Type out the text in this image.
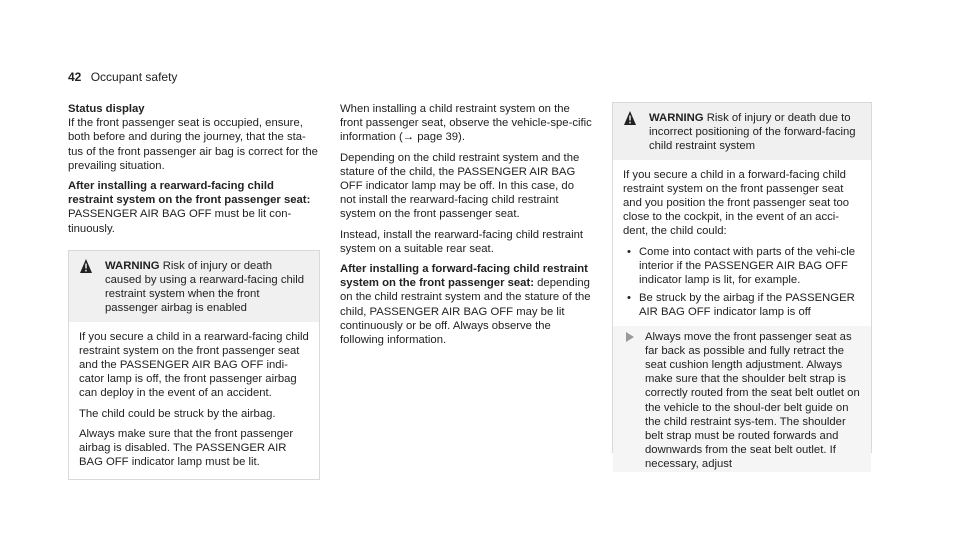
42 Occupant safety

Status display

If the front passenger seat is occupied, ensure, both before and during the journey, that the sta-tus of the front passenger air bag is correct for the prevailing situation.

After installing a rearward-facing child restraint system on the front passenger seat: PASSENGER AIR BAG OFF must be lit con-tinuously.

WARNING Risk of injury or death caused by using a rearward-facing child restraint system when the front passenger airbag is enabled

If you secure a child in a rearward-facing child restraint system on the front passenger seat and the PASSENGER AIR BAG OFF indi-cator lamp is off, the front passenger airbag can deploy in the event of an accident.

The child could be struck by the airbag.

Always make sure that the front passenger airbag is disabled. The PASSENGER AIR BAG OFF indicator lamp must be lit.

When installing a child restraint system on the front passenger seat, observe the vehicle-spe-cific information (→ page 39).

Depending on the child restraint system and the stature of the child, the PASSENGER AIR BAG OFF indicator lamp may be off. In this case, do not install the rearward-facing child restraint system on the front passenger seat.

Instead, install the rearward-facing child restraint system on a suitable rear seat.

After installing a forward-facing child restraint system on the front passenger seat: depending on the child restraint system and the stature of the child, PASSENGER AIR BAG OFF may be lit continuously or be off. Always observe the following information.

WARNING Risk of injury or death due to incorrect positioning of the forward-facing child restraint system

If you secure a child in a forward-facing child restraint system on the front passenger seat and you position the front passenger seat too close to the cockpit, in the event of an acci-dent, the child could:

• Come into contact with parts of the vehi-cle interior if the PASSENGER AIR BAG OFF indicator lamp is lit, for example.
• Be struck by the airbag if the PASSENGER AIR BAG OFF indicator lamp is off
Always move the front passenger seat as far back as possible and fully retract the seat cushion length adjustment. Always make sure that the shoulder belt strap is correctly routed from the seat belt outlet on the vehicle to the shoul-der belt guide on the child restraint sys-tem. The shoulder belt strap must be routed forwards and downwards from the seat belt outlet. If necessary, adjust
